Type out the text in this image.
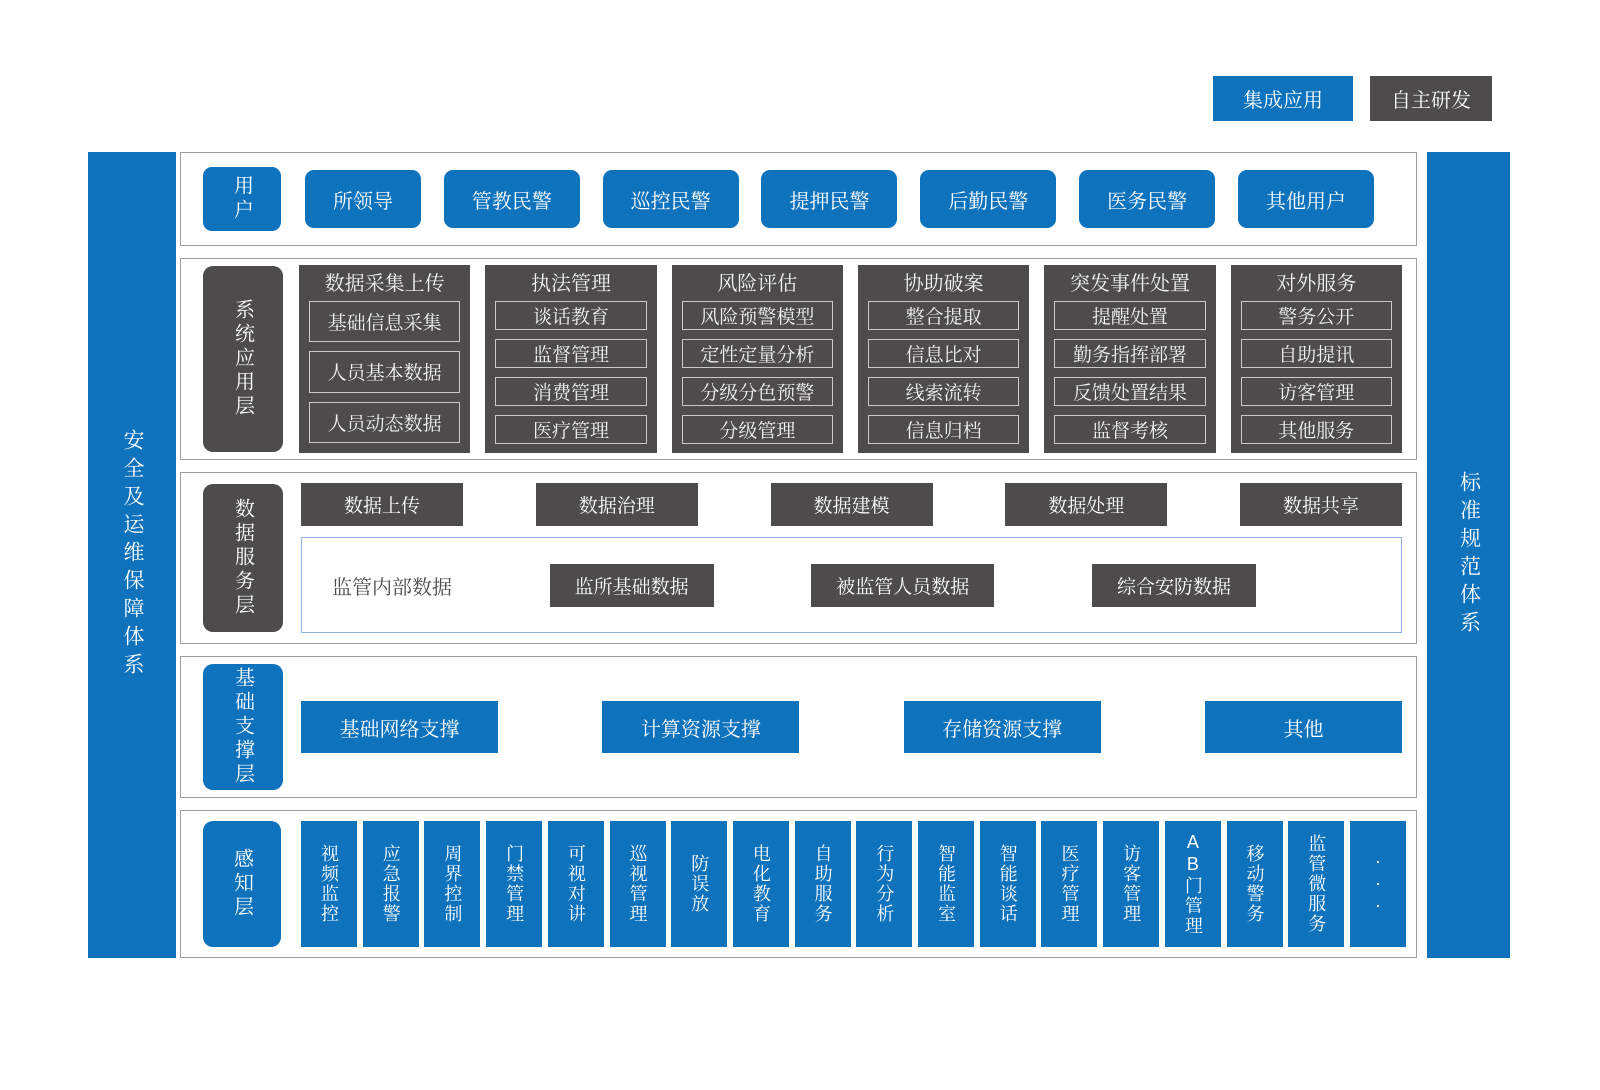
集成应用	自主研发
安全及运维保障体系	标准规范体系
用户	所领导	管教民警	巡控民警	提押民警	后勤民警	医务民警	其他用户
系统应用层
数据采集上传
基础信息采集
人员基本数据
人员动态数据
执法管理
谈话教育
监督管理
消费管理
医疗管理
风险评估
风险预警模型
定性定量分析
分级分色预警
分级管理
协助破案
整合提取
信息比对
线索流转
信息归档
突发事件处置
提醒处置
勤务指挥部署
反馈处置结果
监督考核
对外服务
警务公开
自助提讯
访客管理
其他服务
数据服务层	数据上传	数据治理	数据建模	数据处理	数据共享
监管内部数据	监所基础数据	被监管人员数据	综合安防数据
基础支撑层	基础网络支撑	计算资源支撑	存储资源支撑	其他
感知层	视频监控 应急报警 周界控制 门禁管理 可视对讲 巡视管理 防误放 电化教育 自助服务 行为分析 智能监室 智能谈话 医疗管理 访客管理 AB门管理 移动警务 监管微服务 ···
